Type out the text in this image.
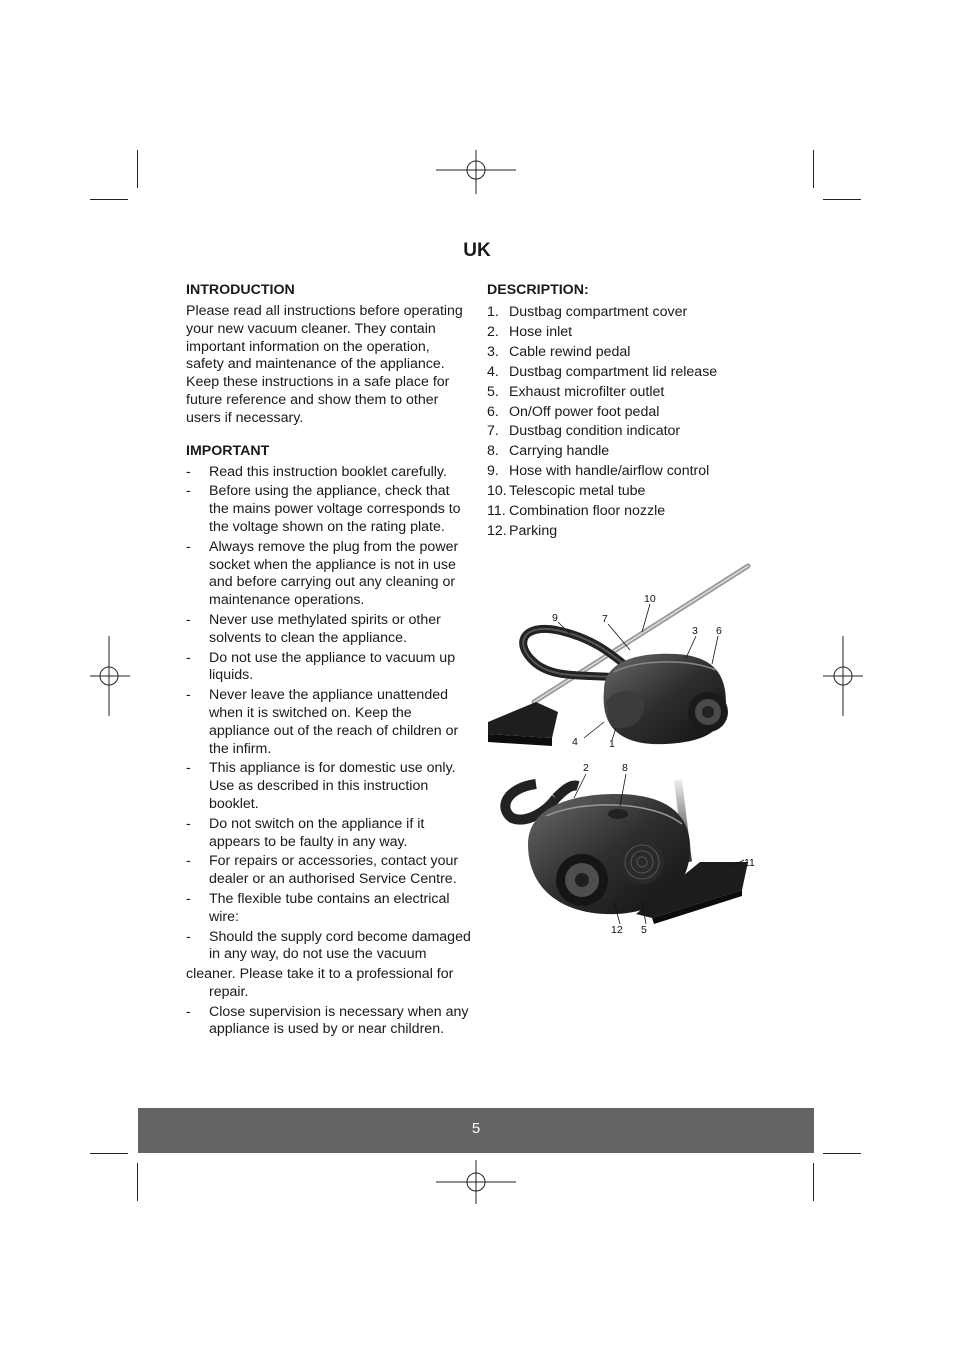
UK
INTRODUCTION

Please read all instructions before operating your new vacuum cleaner. They contain important information on the operation, safety and maintenance of the appliance. Keep these instructions in a safe place for future reference and show them to other users if necessary.

IMPORTANT
- Read this instruction booklet carefully.
- Before using the appliance, check that the mains power voltage corresponds to the voltage shown on the rating plate.
- Always remove the plug from the power socket when the appliance is not in use and before carrying out any cleaning or maintenance operations.
- Never use methylated spirits or other solvents to clean the appliance.
- Do not use the appliance to vacuum up liquids.
- Never leave the appliance unattended when it is switched on. Keep the appliance out of the reach of children or the infirm.
- This appliance is for domestic use only. Use as described in this instruction booklet.
- Do not switch on the appliance if it appears to be faulty in any way.
- For repairs or accessories, contact your dealer or an authorised Service Centre.
- The flexible tube contains an electrical wire:
- Should the supply cord become damaged in any way, do not use the vacuum

cleaner. Please take it to a professional for repair.

- Close supervision is necessary when any appliance is used by or near children.
DESCRIPTION:
1. Dustbag compartment cover
2. Hose inlet
3. Cable rewind pedal
4. Dustbag compartment lid release
5. Exhaust microfilter outlet
6. On/Off power foot pedal
7. Dustbag condition indicator
8. Carrying handle
9. Hose with handle/airflow control
10. Telescopic metal tube
11. Combination floor nozzle
12. Parking
10
9	7
3 6
4	1
2	8
11
12 5
5
